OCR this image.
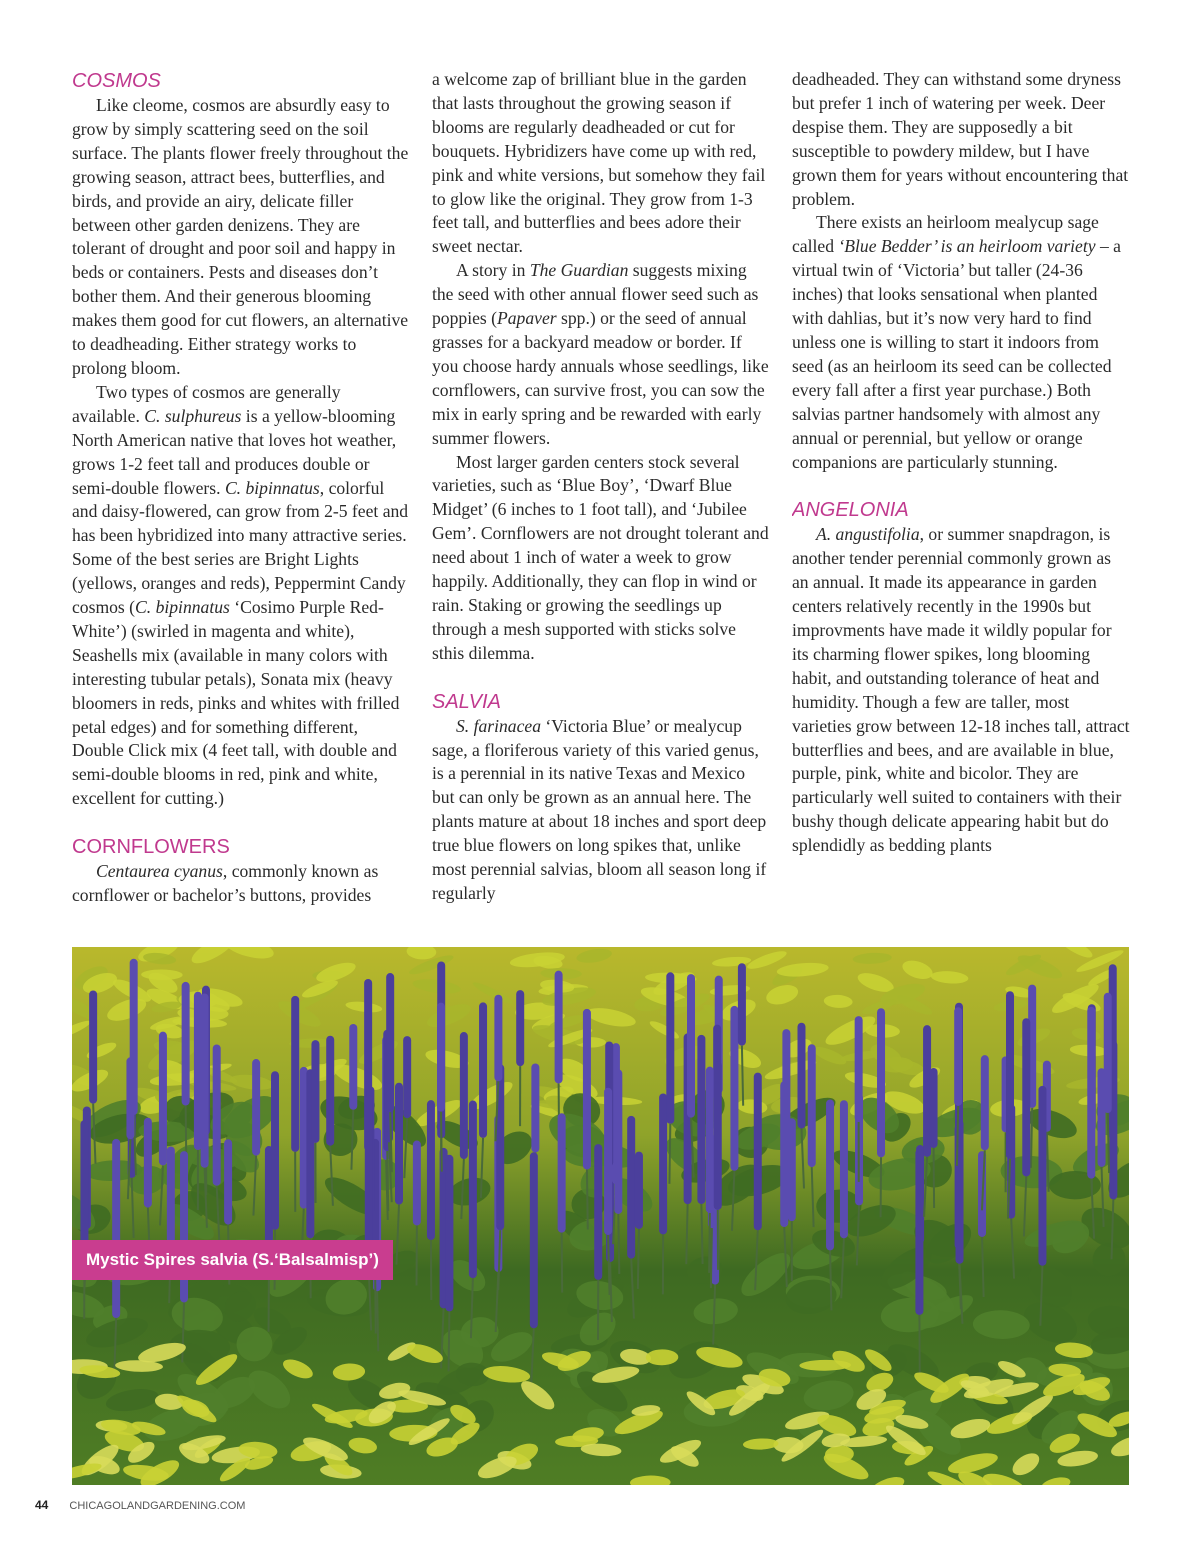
COSMOS

Like cleome, cosmos are absurdly easy to grow by simply scattering seed on the soil surface. The plants flower freely throughout the growing season, attract bees, butterflies, and birds, and provide an airy, delicate filler between other garden denizens. They are tolerant of drought and poor soil and happy in beds or containers. Pests and diseases don’t bother them. And their generous blooming makes them good for cut flowers, an alternative to deadheading. Either strategy works to prolong bloom.

Two types of cosmos are generally available. C. sulphureus is a yellow-blooming North American native that loves hot weather, grows 1-2 feet tall and produces double or semi-double flowers. C. bipinnatus, colorful and daisy-flowered, can grow from 2-5 feet and has been hybridized into many attractive series. Some of the best series are Bright Lights (yellows, oranges and reds), Peppermint Candy cosmos (C. bipinnatus ‘Cosimo Purple Red-White’) (swirled in magenta and white), Seashells mix (available in many colors with interesting tubular petals), Sonata mix (heavy bloomers in reds, pinks and whites with frilled petal edges) and for something different, Double Click mix (4 feet tall, with double and semi-double blooms in red, pink and white, excellent for cutting.)

CORNFLOWERS

Centaurea cyanus, commonly known as cornflower or bachelor’s buttons, provides

a welcome zap of brilliant blue in the garden that lasts throughout the growing season if blooms are regularly deadheaded or cut for bouquets. Hybridizers have come up with red, pink and white versions, but somehow they fail to glow like the original. They grow from 1-3 feet tall, and butterflies and bees adore their sweet nectar.

A story in The Guardian suggests mixing the seed with other annual flower seed such as poppies (Papaver spp.) or the seed of annual grasses for a backyard meadow or border. If you choose hardy annuals whose seedlings, like cornflowers, can survive frost, you can sow the mix in early spring and be rewarded with early summer flowers.

Most larger garden centers stock several varieties, such as ‘Blue Boy’, ‘Dwarf Blue Midget’ (6 inches to 1 foot tall), and ‘Jubilee Gem’. Cornflowers are not drought tolerant and need about 1 inch of water a week to grow happily. Additionally, they can flop in wind or rain. Staking or growing the seedlings up through a mesh supported with sticks solve sthis dilemma.

SALVIA

S. farinacea ‘Victoria Blue’ or mealycup sage, a floriferous variety of this varied genus, is a perennial in its native Texas and Mexico but can only be grown as an annual here. The plants mature at about 18 inches and sport deep true blue flowers on long spikes that, unlike most perennial salvias, bloom all season long if regularly

deadheaded. They can withstand some dryness but prefer 1 inch of watering per week. Deer despise them. They are supposedly a bit susceptible to powdery mildew, but I have grown them for years without encountering that problem.

There exists an heirloom mealycup sage called ‘Blue Bedder’ is an heirloom variety – a virtual twin of ‘Victoria’ but taller (24-36 inches) that looks sensational when planted with dahlias, but it’s now very hard to find unless one is willing to start it indoors from seed (as an heirloom its seed can be collected every fall after a first year purchase.) Both salvias partner handsomely with almost any annual or perennial, but yellow or orange companions are particularly stunning.

ANGELONIA

A. angustifolia, or summer snapdragon, is another tender perennial commonly grown as an annual. It made its appearance in garden centers relatively recently in the 1990s but improvments have made it wildly popular for its charming flower spikes, long blooming habit, and outstanding tolerance of heat and humidity. Though a few are taller, most varieties grow between 12-18 inches tall, attract butterflies and bees, and are available in blue, purple, pink, white and bicolor. They are particularly well suited to containers with their bushy though delicate appearing habit but do splendidly as bedding plants

Mystic Spires salvia (S.‘Balsalmisp’)
44 CHICAGOLANDGARDENING.COM
